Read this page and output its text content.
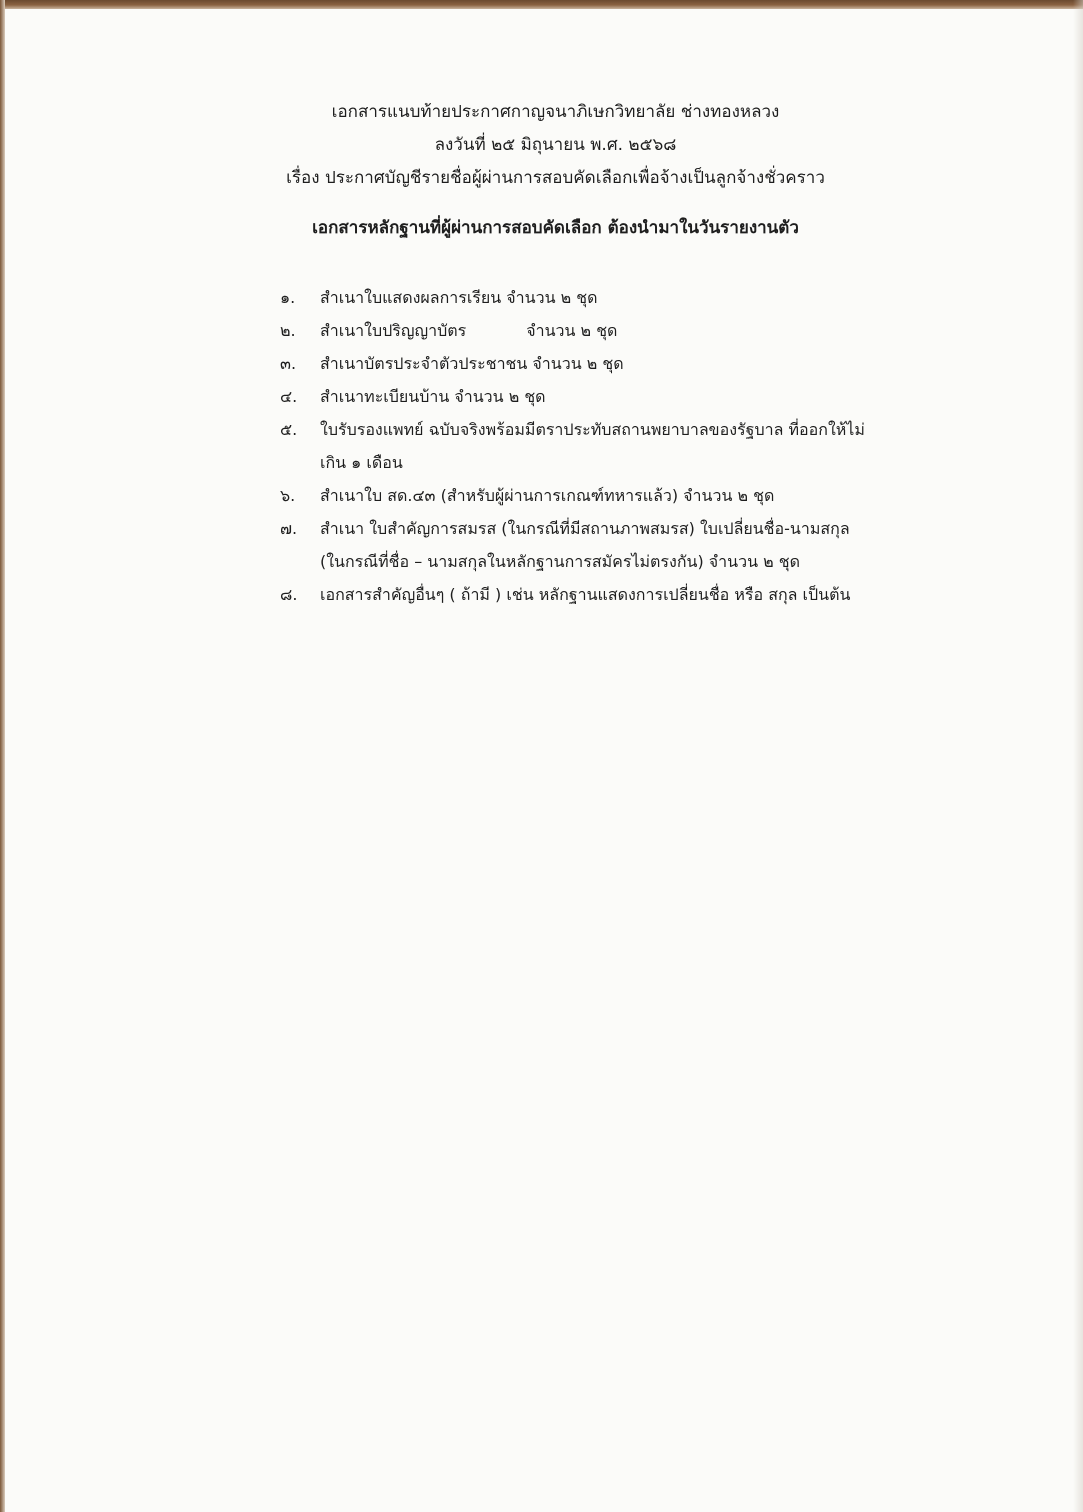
เอกสารแนบท้ายประกาศกาญจนาภิเษกวิทยาลัย ช่างทองหลวง
ลงวันที่ ๒๕ มิถุนายน พ.ศ. ๒๕๖๘
เรื่อง ประกาศบัญชีรายชื่อผู้ผ่านการสอบคัดเลือกเพื่อจ้างเป็นลูกจ้างชั่วคราว
เอกสารหลักฐานที่ผู้ผ่านการสอบคัดเลือก ต้องนำมาในวันรายงานตัว
๑.	สำเนาใบแสดงผลการเรียน จำนวน ๒ ชุด
๒.	สำเนาใบปริญญาบัตร	จำนวน ๒ ชุด
๓.	สำเนาบัตรประจำตัวประชาชน จำนวน ๒ ชุด
๔.	สำเนาทะเบียนบ้าน จำนวน ๒ ชุด
๕.	ใบรับรองแพทย์ ฉบับจริงพร้อมมีตราประทับสถานพยาบาลของรัฐบาล ที่ออกให้ไม่
เกิน ๑ เดือน
๖.	สำเนาใบ สด.๔๓ (สำหรับผู้ผ่านการเกณฑ์ทหารแล้ว) จำนวน ๒ ชุด
๗.	สำเนา ใบสำคัญการสมรส (ในกรณีที่มีสถานภาพสมรส) ใบเปลี่ยนชื่อ-นามสกุล
(ในกรณีที่ชื่อ – นามสกุลในหลักฐานการสมัครไม่ตรงกัน) จำนวน ๒ ชุด
๘.	เอกสารสำคัญอื่นๆ ( ถ้ามี ) เช่น หลักฐานแสดงการเปลี่ยนชื่อ หรือ สกุล เป็นต้น
